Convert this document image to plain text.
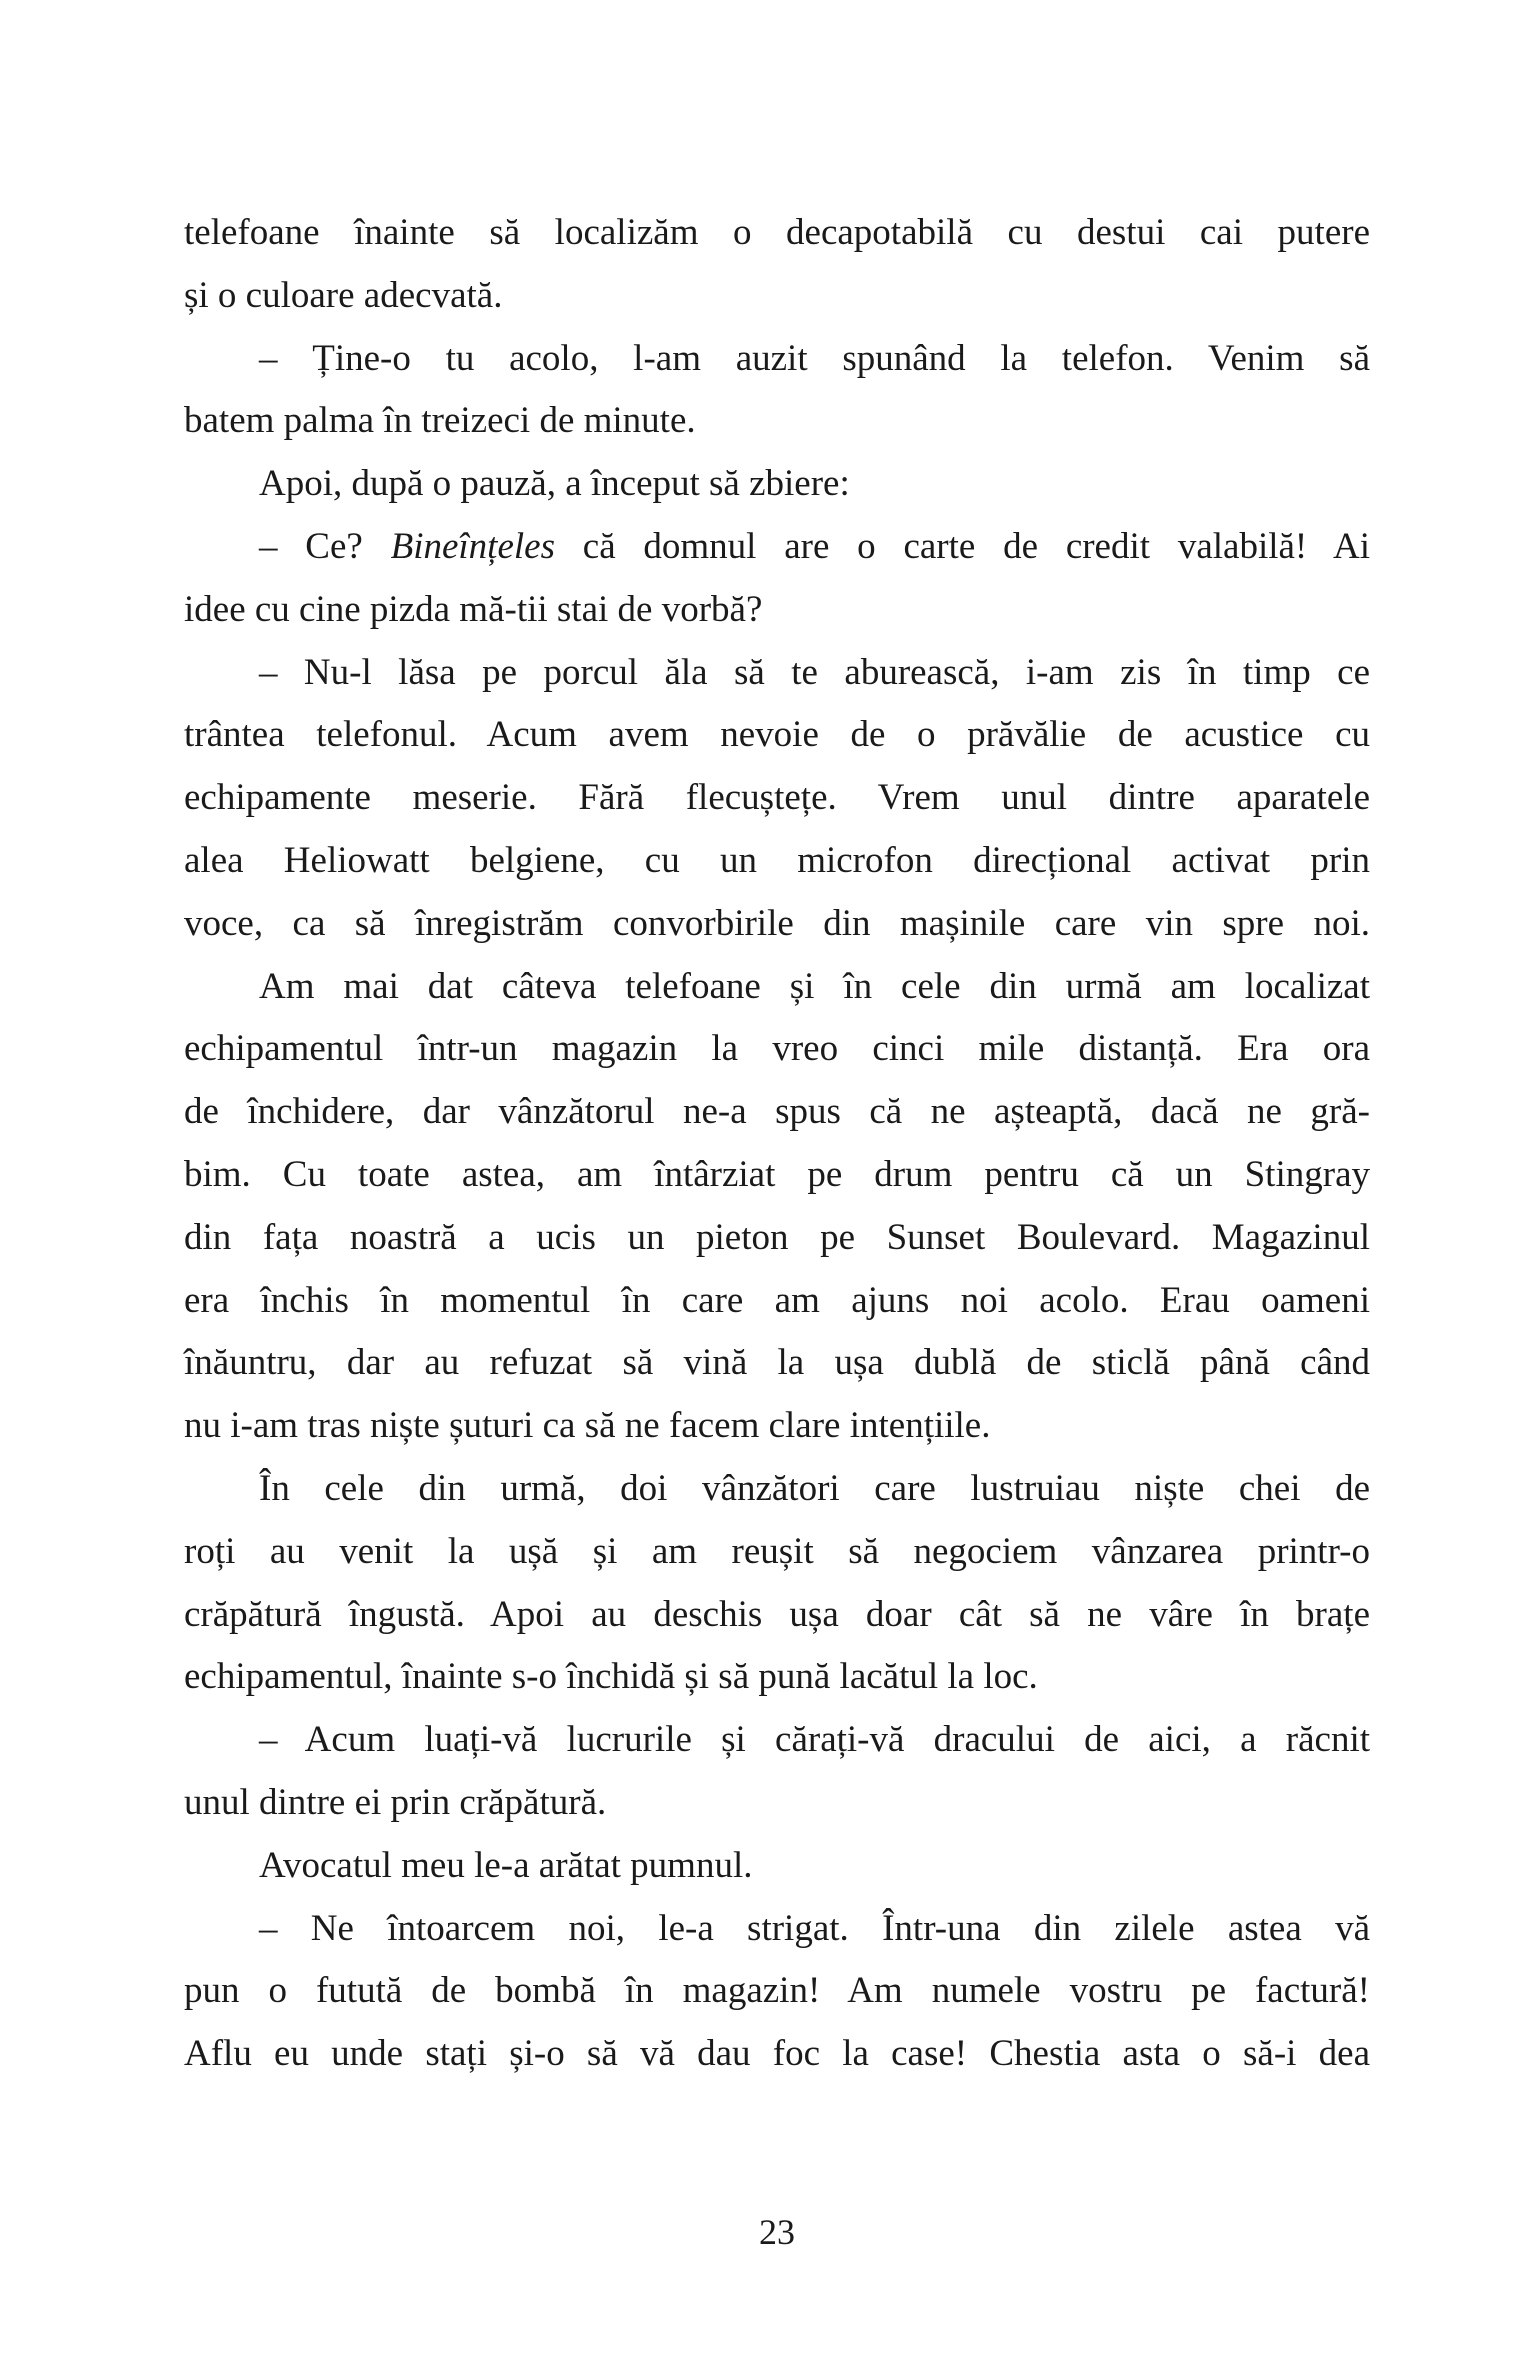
telefoane înainte să localizăm o decapotabilă cu destui cai putere
și o culoare adecvată.
– Ține-o tu acolo, l-am auzit spunând la telefon. Venim să
batem palma în treizeci de minute.
Apoi, după o pauză, a început să zbiere:
– Ce? Bineînțeles că domnul are o carte de credit valabilă! Ai
idee cu cine pizda mă-tii stai de vorbă?
– Nu-l lăsa pe porcul ăla să te aburească, i-am zis în timp ce
trântea telefonul. Acum avem nevoie de o prăvălie de acustice cu
echipamente meserie. Fără flecuștețe. Vrem unul dintre aparatele
alea Heliowatt belgiene, cu un microfon direcțional activat prin
voce, ca să înregistrăm convorbirile din mașinile care vin spre noi.
Am mai dat câteva telefoane și în cele din urmă am localizat
echipamentul într-un magazin la vreo cinci mile distanță. Era ora
de închidere, dar vânzătorul ne-a spus că ne așteaptă, dacă ne gră-
bim. Cu toate astea, am întârziat pe drum pentru că un Stingray
din fața noastră a ucis un pieton pe Sunset Boulevard. Magazinul
era închis în momentul în care am ajuns noi acolo. Erau oameni
înăuntru, dar au refuzat să vină la ușa dublă de sticlă până când
nu i-am tras niște șuturi ca să ne facem clare intențiile.
În cele din urmă, doi vânzători care lustruiau niște chei de
roți au venit la ușă și am reușit să negociem vânzarea printr-o
crăpătură îngustă. Apoi au deschis ușa doar cât să ne vâre în brațe
echipamentul, înainte s-o închidă și să pună lacătul la loc.
– Acum luați-vă lucrurile și cărați-vă dracului de aici, a răcnit
unul dintre ei prin crăpătură.
Avocatul meu le-a arătat pumnul.
– Ne întoarcem noi, le-a strigat. Într-una din zilele astea vă
pun o futută de bombă în magazin! Am numele vostru pe factură!
Aflu eu unde stați și-o să vă dau foc la case! Chestia asta o să-i dea
23
